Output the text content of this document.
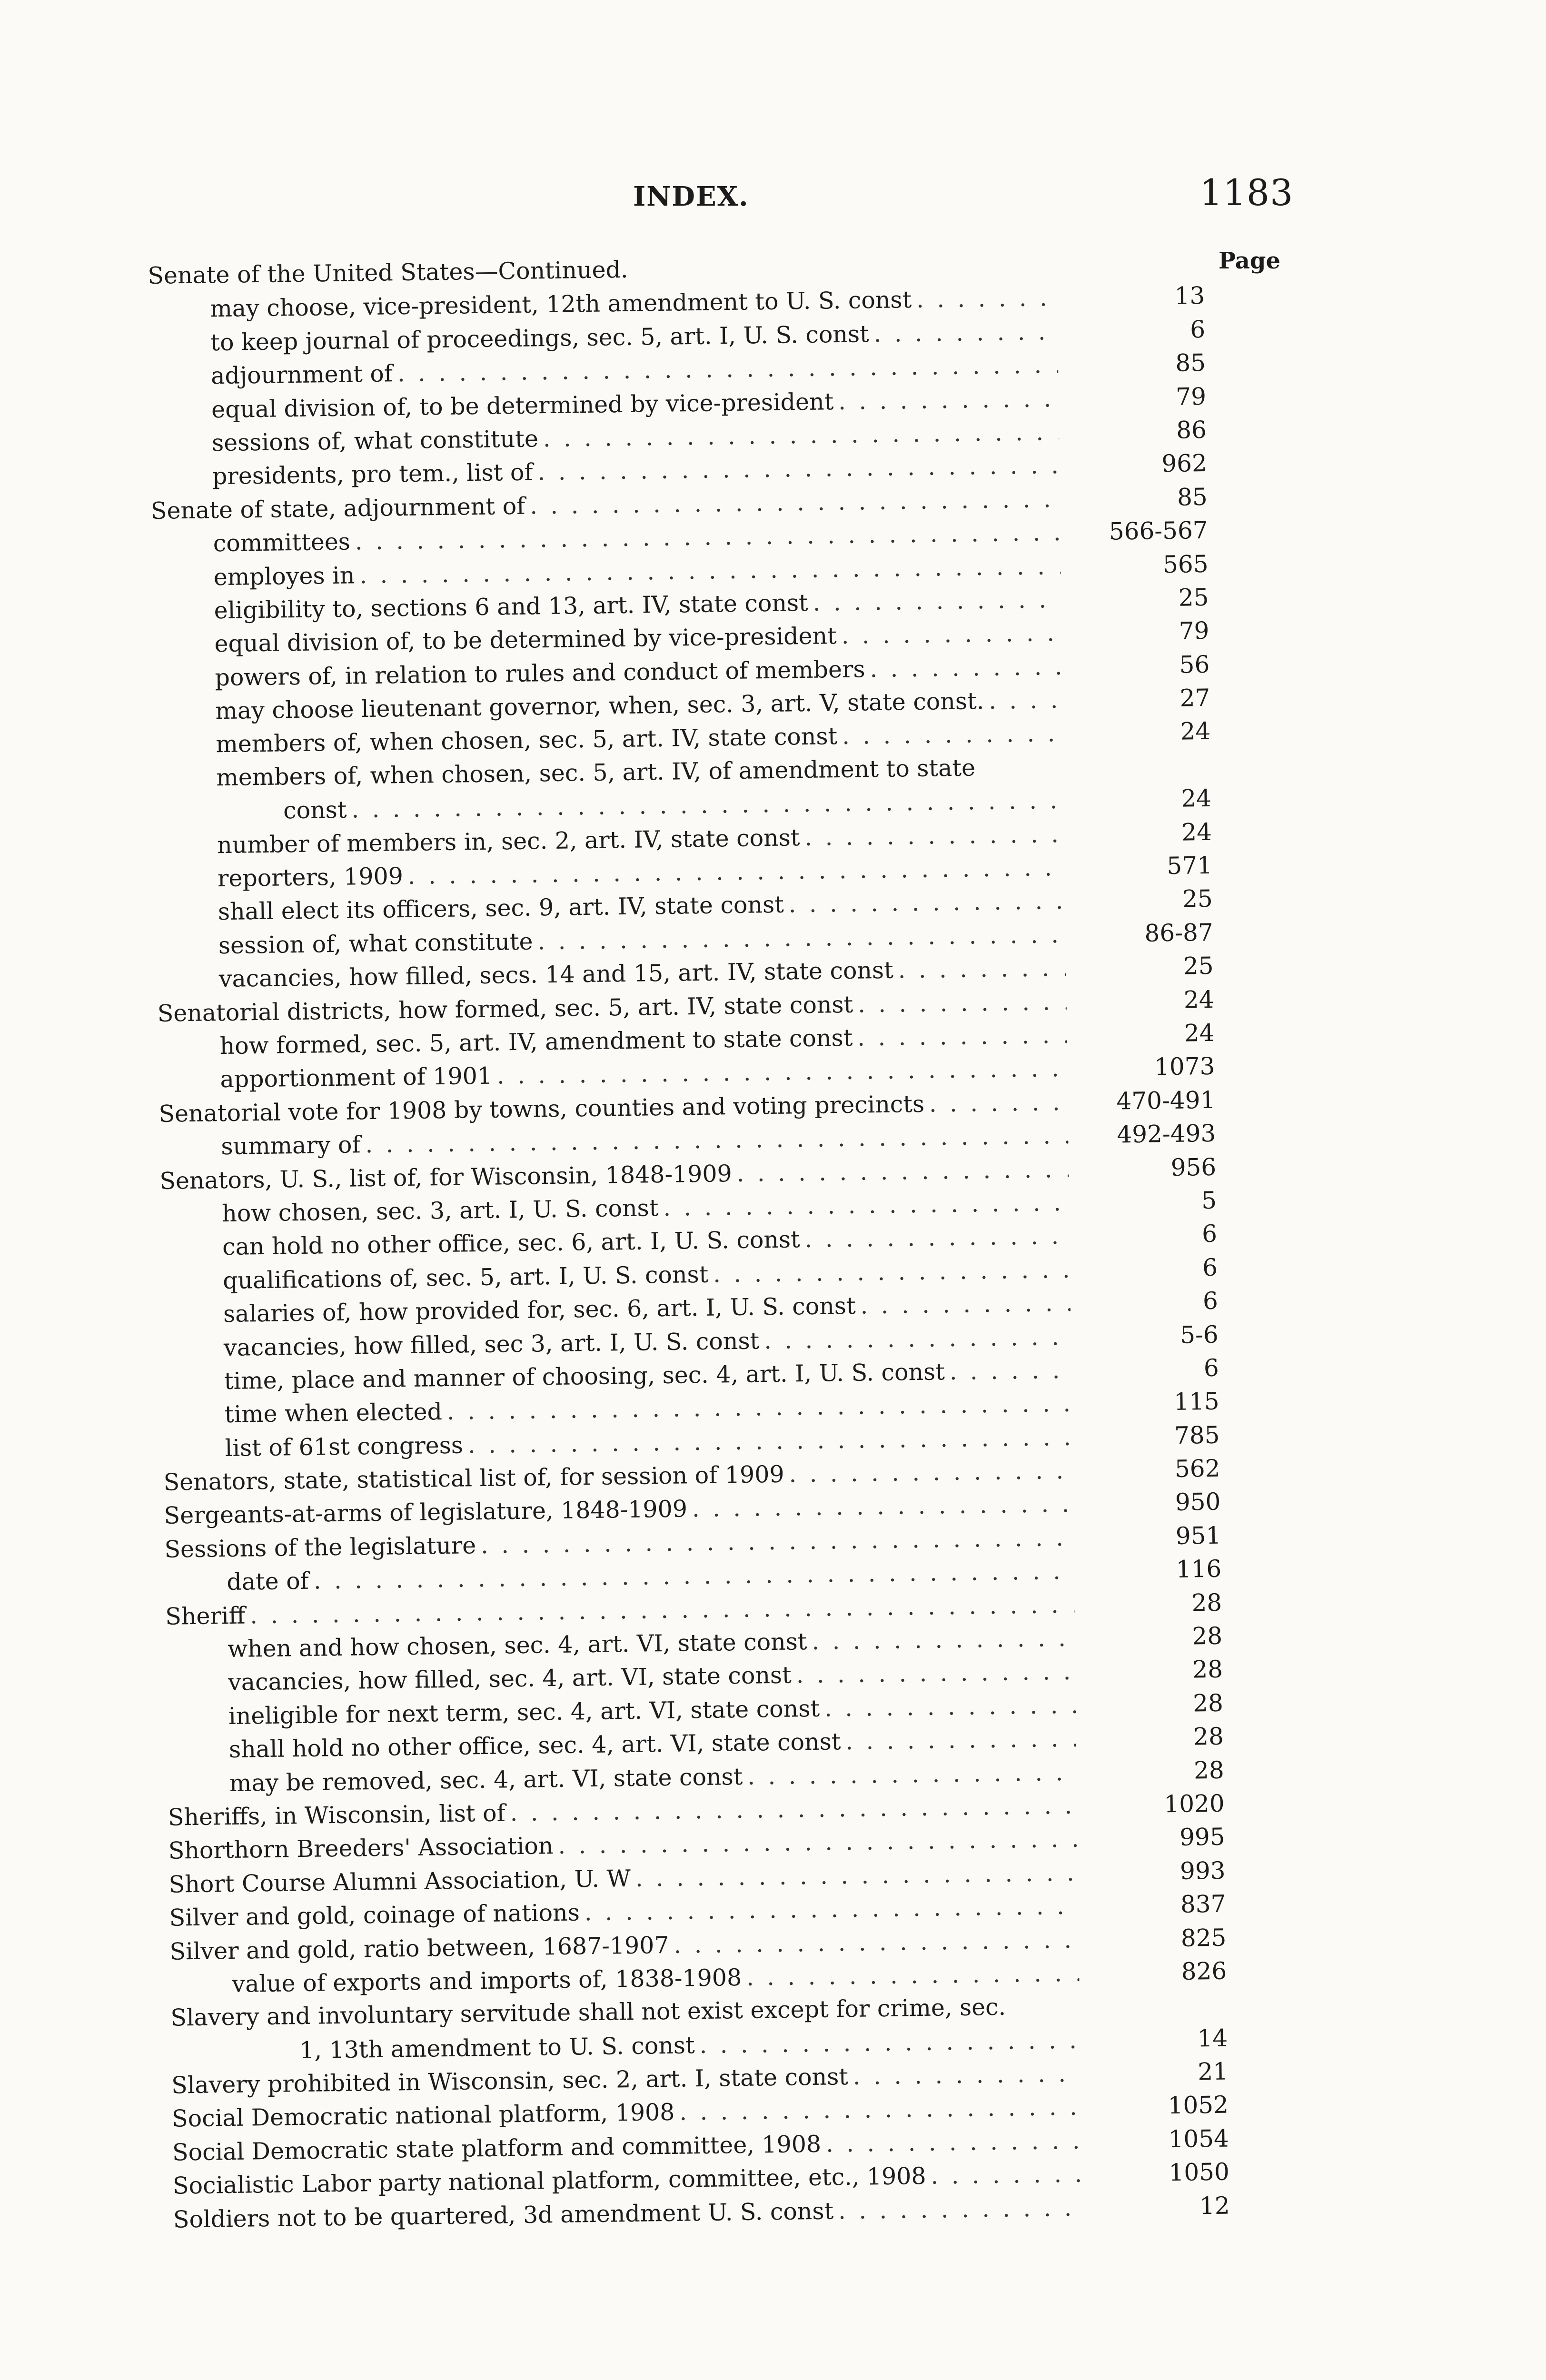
INDEX.	1183
Page
Senate of the United States—Continued.
may choose, vice-president, 12th amendment to U. S. const . . .	13
to keep journal of proceedings, sec. 5, art. I, U. S. const . . .	6
adjournment of . . .	85
equal division of, to be determined by vice-president . . .	79
sessions of, what constitute . . .	86
presidents, pro tem., list of . . .	962
Senate of state, adjournment of . . .	85
committees . . .	566-567
employes in . . .	565
eligibility to, sections 6 and 13, art. IV, state const . . .	25
equal division of, to be determined by vice-president . . .	79
powers of, in relation to rules and conduct of members . . .	56
may choose lieutenant governor, when, sec. 3, art. V, state const. . . .	27
members of, when chosen, sec. 5, art. IV, state const . . .	24
members of, when chosen, sec. 5, art. IV, of amendment to state
const . . .	24
number of members in, sec. 2, art. IV, state const . . .	24
reporters, 1909 . . .	571
shall elect its officers, sec. 9, art. IV, state const . . .	25
session of, what constitute . . .	86-87
vacancies, how filled, secs. 14 and 15, art. IV, state const . . .	25
Senatorial districts, how formed, sec. 5, art. IV, state const . . .	24
how formed, sec. 5, art. IV, amendment to state const . . .	24
apportionment of 1901 . . .	1073
Senatorial vote for 1908 by towns, counties and voting precincts . . .	470-491
summary of . . .	492-493
Senators, U. S., list of, for Wisconsin, 1848-1909 . . .	956
how chosen, sec. 3, art. I, U. S. const . . .	5
can hold no other office, sec. 6, art. I, U. S. const . . .	6
qualifications of, sec. 5, art. I, U. S. const . . .	6
salaries of, how provided for, sec. 6, art. I, U. S. const . . .	6
vacancies, how filled, sec 3, art. I, U. S. const . . .	5-6
time, place and manner of choosing, sec. 4, art. I, U. S. const . . .	6
time when elected . . .	115
list of 61st congress . . .	785
Senators, state, statistical list of, for session of 1909 . . .	562
Sergeants-at-arms of legislature, 1848-1909 . . .	950
Sessions of the legislature . . .	951
date of . . .	116
Sheriff . . .	28
when and how chosen, sec. 4, art. VI, state const . . .	28
vacancies, how filled, sec. 4, art. VI, state const . . .	28
ineligible for next term, sec. 4, art. VI, state const . . .	28
shall hold no other office, sec. 4, art. VI, state const . . .	28
may be removed, sec. 4, art. VI, state const . . .	28
Sheriffs, in Wisconsin, list of . . .	1020
Shorthorn Breeders' Association . . .	995
Short Course Alumni Association, U. W . . .	993
Silver and gold, coinage of nations . . .	837
Silver and gold, ratio between, 1687-1907 . . .	825
value of exports and imports of, 1838-1908 . . .	826
Slavery and involuntary servitude shall not exist except for crime, sec.
1, 13th amendment to U. S. const . . .	14
Slavery prohibited in Wisconsin, sec. 2, art. I, state const . . .	21
Social Democratic national platform, 1908 . . .	1052
Social Democratic state platform and committee, 1908 . . .	1054
Socialistic Labor party national platform, committee, etc., 1908 . . .	1050
Soldiers not to be quartered, 3d amendment U. S. const . . .	12
